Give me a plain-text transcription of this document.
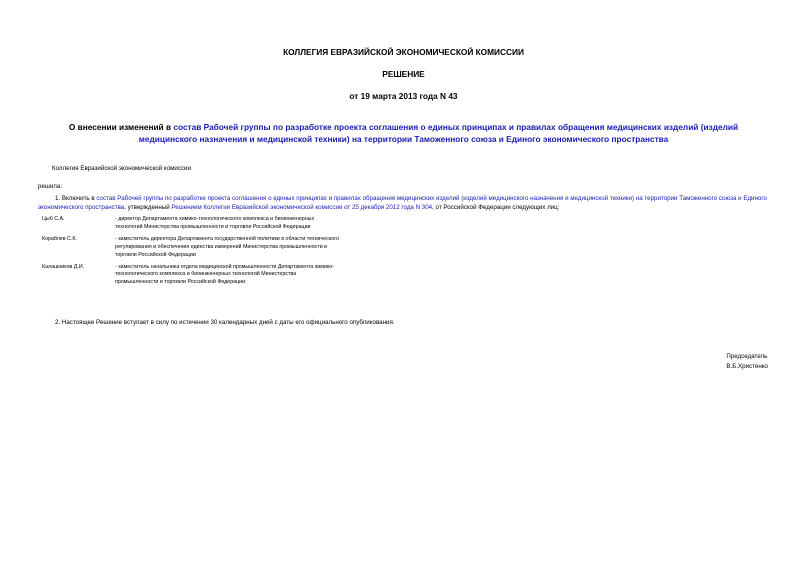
КОЛЛЕГИЯ ЕВРАЗИЙСКОЙ ЭКОНОМИЧЕСКОЙ КОМИССИИ
РЕШЕНИЕ
от 19 марта 2013 года N 43
О внесении изменений в состав Рабочей группы по разработке проекта соглашения о единых принципах и правилах обращения медицинских изделий (изделий медицинского назначения и медицинской техники) на территории Таможенного союза и Единого экономического пространства
Коллегия Евразийской экономической комиссии
решила:
1. Включить в состав Рабочей группы по разработке проекта соглашения о единых принципах и правилах обращения медицинских изделий (изделий медицинского назначения и медицинской техники) на территории Таможенного союза и Единого экономического пространства, утвержденный Решением Коллегии Евразийской экономической комиссии от 25 декабря 2012 года N 304, от Российской Федерации следующих лиц:
Цыб С.А.	- директор Департамента химико-технологического комплекса и биоинженерных технологий Министерства промышленности и торговли Российской Федерации
Кораблев С.К.	- заместитель директора Департамента государственной политики в области технического регулирования и обеспечения единства измерений Министерства промышленности и торговли Российской Федерации
Калашников Д.И.	- заместитель начальника отдела медицинской промышленности Департамента химико-технологического комплекса и биоинженерных технологий Министерства промышленности и торговли Российской Федерации.
2. Настоящее Решение вступает в силу по истечении 30 календарных дней с даты его официального опубликования.
Председатель
В.Б.Христенко
